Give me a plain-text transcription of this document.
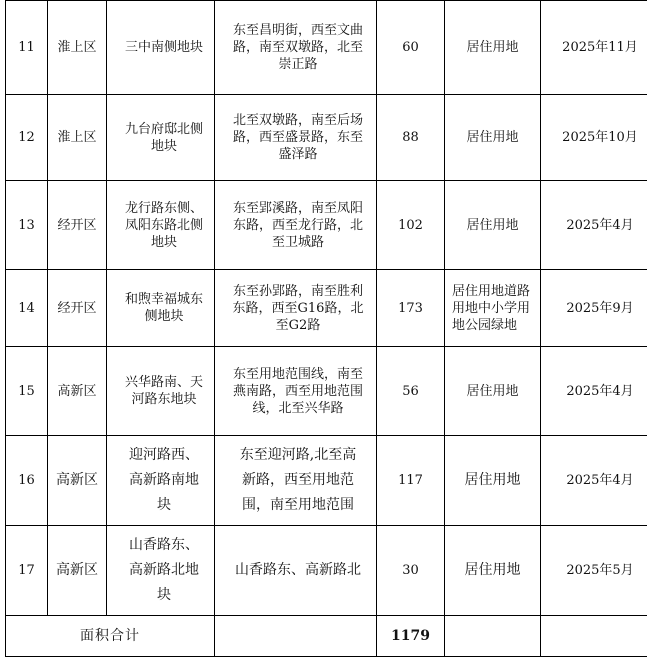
11	淮上区	三中南侧地块	东至昌明街，西至文曲
路，南至双墩路，北至
崇正路	60	居住用地	2025年11月
12	淮上区	九台府邸北侧
地块	北至双墩路，南至后场
路，西至盛景路，东至
盛泽路	88	居住用地	2025年10月
13	经开区	龙行路东侧、
凤阳东路北侧
地块	东至郢溪路，南至凤阳
东路，西至龙行路，北
至卫城路	102	居住用地	2025年4月
14	经开区	和煦幸福城东
侧地块	东至孙郢路，南至胜利
东路，西至G16路，北
至G2路	173	居住用地道路
用地中小学用
地公园绿地	2025年9月
15	高新区	兴华路南、天
河路东地块	东至用地范围线，南至
燕南路，西至用地范围
线，北至兴华路	56	居住用地	2025年4月
16	高新区	迎河路西、
高新路南地
块	东至迎河路,北至高
新路，西至用地范
围，南至用地范围	117	居住用地	2025年4月
17	高新区	山香路东、
高新路北地
块	山香路东、高新路北	30	居住用地	2025年5月
面积合计				1179		
